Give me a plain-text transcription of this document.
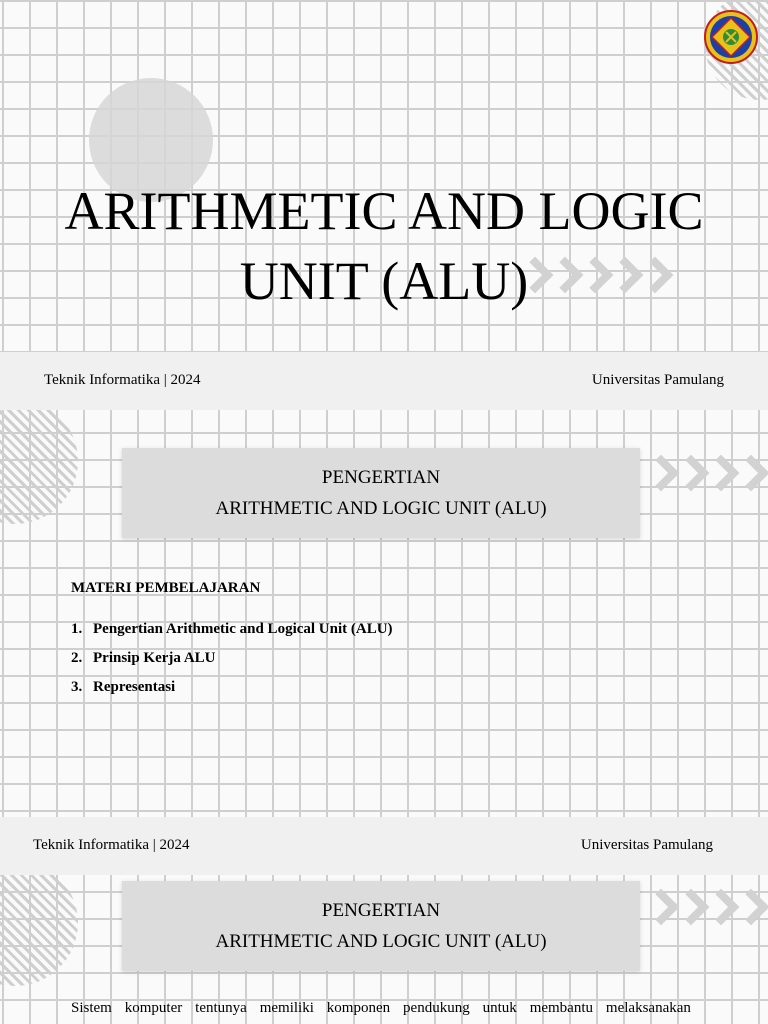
ARITHMETIC AND LOGIC
UNIT (ALU)
Teknik Informatika | 2024	Universitas Pamulang
PENGERTIAN
ARITHMETIC AND LOGIC UNIT (ALU)
MATERI PEMBELAJARAN
1. Pengertian Arithmetic and Logical Unit (ALU)
2. Prinsip Kerja ALU
3. Representasi
Teknik Informatika | 2024	Universitas Pamulang
PENGERTIAN
ARITHMETIC AND LOGIC UNIT (ALU)
Sistem komputer tentunya memiliki komponen pendukung untuk membantu melaksanakan
